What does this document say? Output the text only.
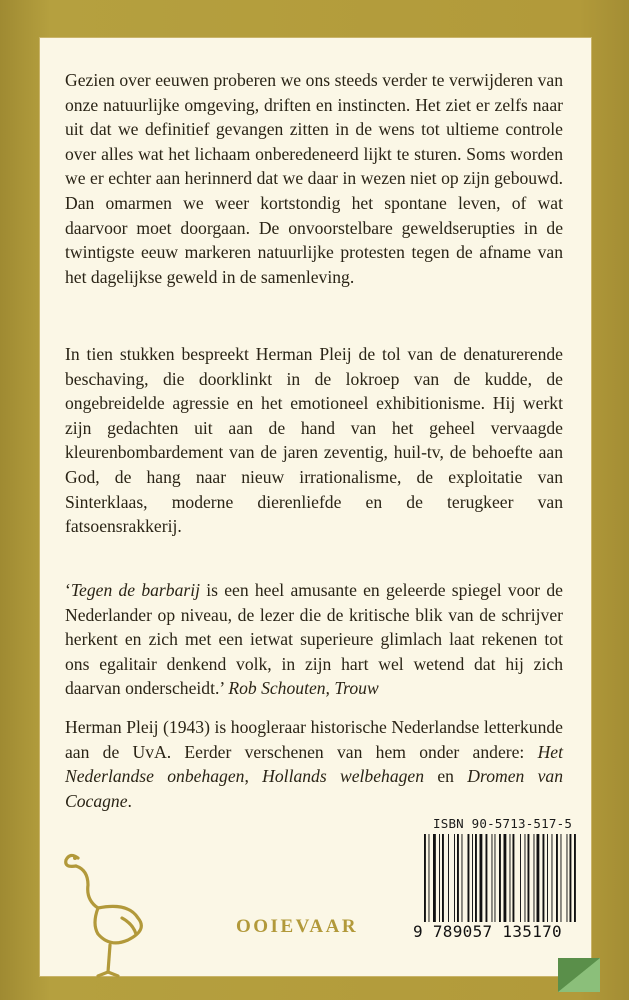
Gezien over eeuwen proberen we ons steeds verder te verwijderen van onze natuurlijke omgeving, driften en instincten. Het ziet er zelfs naar uit dat we definitief gevangen zitten in de wens tot ultieme controle over alles wat het lichaam onberedeneerd lijkt te sturen. Soms worden we er echter aan herinnerd dat we daar in wezen niet op zijn gebouwd. Dan omarmen we weer kortstondig het spontane leven, of wat daarvoor moet doorgaan. De onvoorstelbare geweldserupties in de twintigste eeuw markeren natuurlijke protesten tegen de afname van het dagelijkse geweld in de samenleving.

In tien stukken bespreekt Herman Pleij de tol van de denaturerende beschaving, die doorklinkt in de lokroep van de kudde, de ongebreidelde agressie en het emotioneel exhibitionisme. Hij werkt zijn gedachten uit aan de hand van het geheel vervaagde kleurenbombardement van de jaren zeventig, huil-tv, de behoefte aan God, de hang naar nieuw irrationalisme, de exploitatie van Sinterklaas, moderne dierenliefde en de terugkeer van fatsoensrakkerij.

‘Tegen de barbarij is een heel amusante en geleerde spiegel voor de Nederlander op niveau, de lezer die de kritische blik van de schrijver herkent en zich met een ietwat superieure glimlach laat rekenen tot ons egalitair denkend volk, in zijn hart wel wetend dat hij zich daarvan onderscheidt.’ Rob Schouten, Trouw

Herman Pleij (1943) is hoogleraar historische Nederlandse letterkunde aan de UvA. Eerder verschenen van hem onder andere: Het Nederlandse onbehagen, Hollands welbehagen en Dromen van Cocagne.

ISBN 90-5713-517-5
9 789057 135170
OOIEVAAR
